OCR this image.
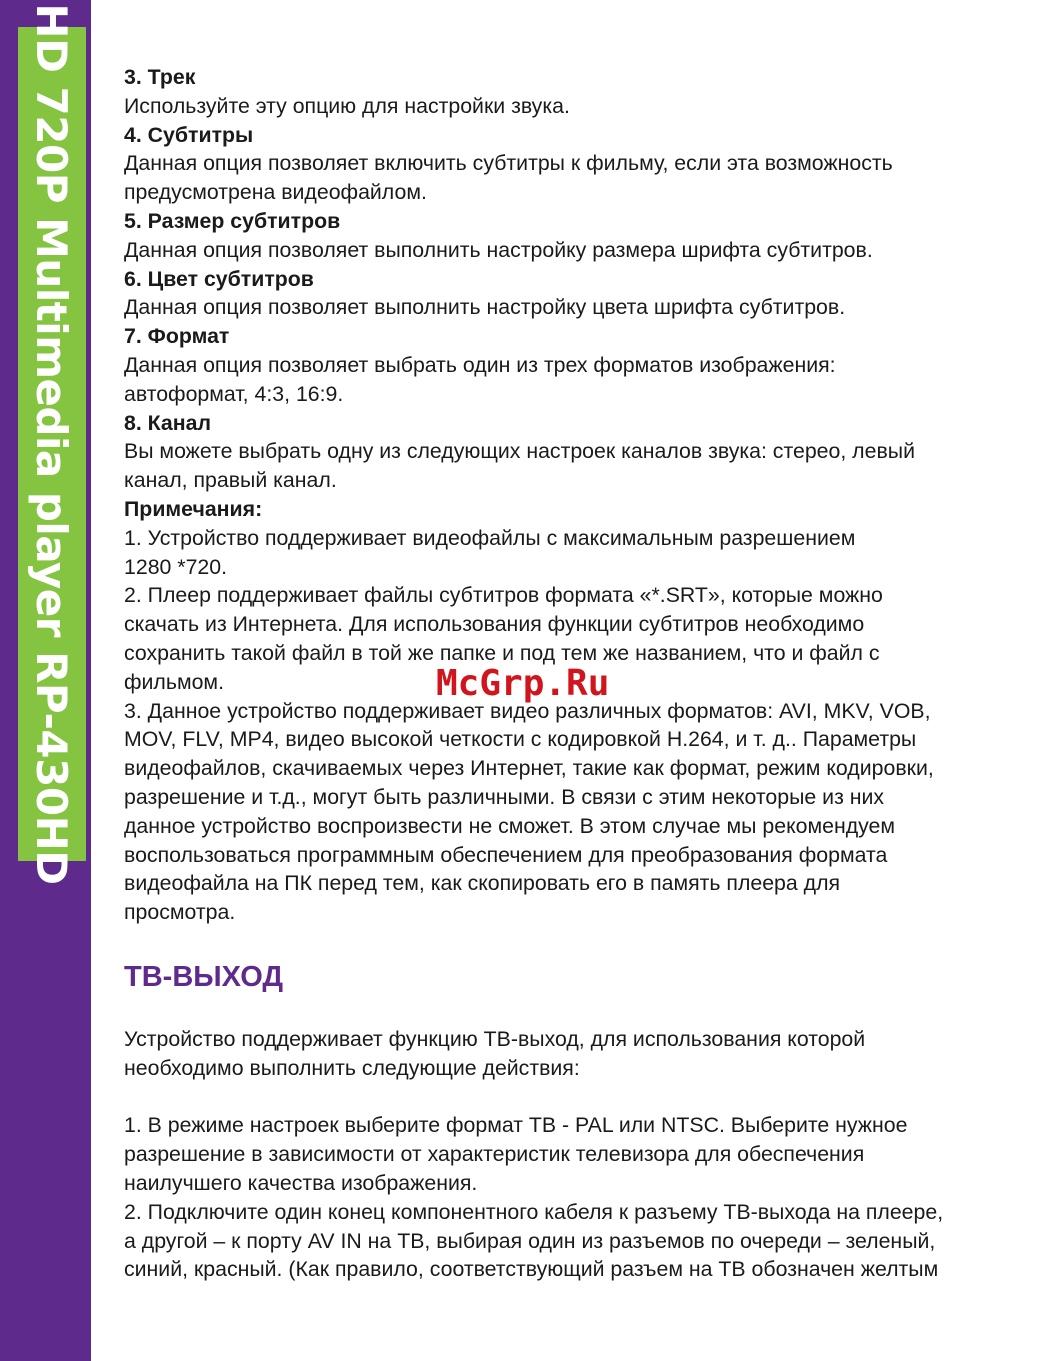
HD 720P Multimedia player RP-430HD	3. Трек

Используйте эту опцию для настройки звука.

4. Субтитры

Данная опция позволяет включить субтитры к фильму, если эта возможность

предусмотрена видеофайлом.

5. Размер субтитров

Данная опция позволяет выполнить настройку размера шрифта субтитров.

6. Цвет субтитров

Данная опция позволяет выполнить настройку цвета шрифта субтитров.

7. Формат

Данная опция позволяет выбрать один из трех форматов изображения:

автоформат, 4:3, 16:9.

8. Канал

Вы можете выбрать одну из следующих настроек каналов звука: стерео, левый

канал, правый канал.

Примечания:

1. Устройство поддерживает видеофайлы с максимальным разрешением

1280 *720.

2. Плеер поддерживает файлы субтитров формата «*.SRT», которые можно

скачать из Интернета. Для использования функции субтитров необходимо

сохранить такой файл в той же папке и под тем же названием, что и файл с

фильмом.

3. Данное устройство поддерживает видео различных форматов: AVI, MKV, VOB,

MOV, FLV, MP4, видео высокой четкости с кодировкой H.264, и т. д.. Параметры

видеофайлов, скачиваемых через Интернет, такие как формат, режим кодировки,

разрешение и т.д., могут быть различными. В связи с этим некоторые из них

данное устройство воспроизвести не сможет. В этом случае мы рекомендуем

воспользоваться программным обеспечением для преобразования формата

видеофайла на ПК перед тем, как скопировать его в память плеера для

просмотра.

ТВ-ВЫХОД

Устройство поддерживает функцию ТВ-выход, для использования которой

необходимо выполнить следующие действия:

1. В режиме настроек выберите формат ТВ - PAL или NTSC. Выберите нужное

разрешение в зависимости от характеристик телевизора для обеспечения

наилучшего качества изображения.

2. Подключите один конец компонентного кабеля к разъему ТВ-выхода на плеере,

а другой – к порту AV IN на ТВ, выбирая один из разъемов по очереди – зеленый,

синий, красный. (Как правило, соответствующий разъем на ТВ обозначен желтым

McGrp.Ru
